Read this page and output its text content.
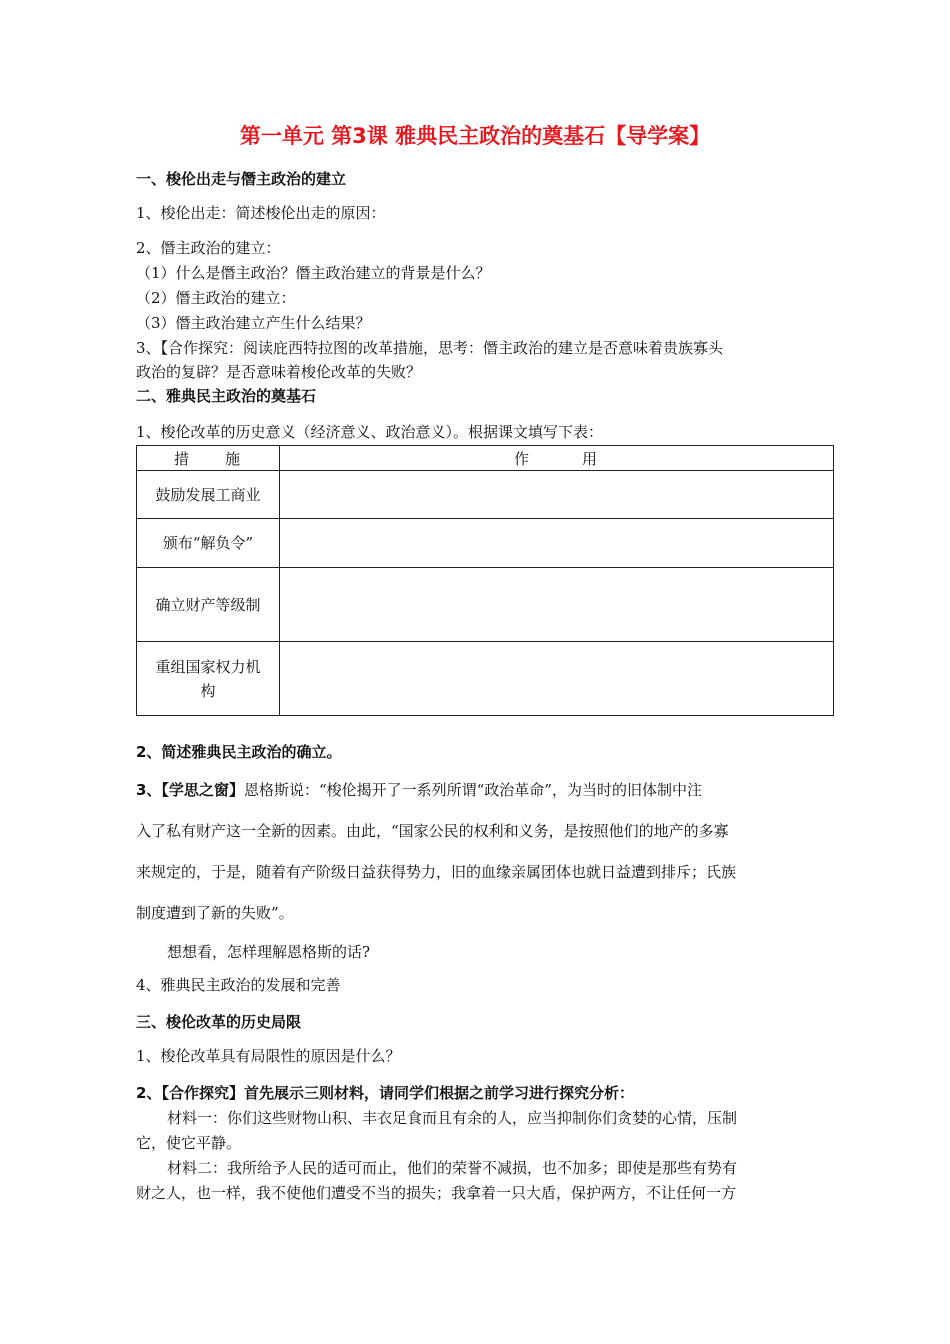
第一单元 第3课 雅典民主政治的奠基石【导学案】
一、梭伦出走与僭主政治的建立
1、梭伦出走：简述梭伦出走的原因：
2、僭主政治的建立：
（1）什么是僭主政治？僭主政治建立的背景是什么？
（2）僭主政治的建立：
（3）僭主政治建立产生什么结果？
3、【合作探究：阅读庇西特拉图的改革措施，思考：僭主政治的建立是否意味着贵族寡头
政治的复辟？是否意味着梭伦改革的失败？
二、雅典民主政治的奠基石
1、梭伦改革的历史意义（经济意义、政治意义）。根据课文填写下表：
措　　施	作　　　用
鼓励发展工商业	
颁布“解负令”	
确立财产等级制	

重组国家权力机
构	

2、简述雅典民主政治的确立。
3、【学思之窗】恩格斯说：“梭伦揭开了一系列所谓“政治革命”，为当时的旧体制中注
入了私有财产这一全新的因素。由此，“国家公民的权利和义务，是按照他们的地产的多寡
来规定的，于是，随着有产阶级日益获得势力，旧的血缘亲属团体也就日益遭到排斥；氏族
制度遭到了新的失败”。
想想看，怎样理解恩格斯的话?
4、雅典民主政治的发展和完善
三、梭伦改革的历史局限
1、梭伦改革具有局限性的原因是什么？
2、【合作探究】首先展示三则材料，请同学们根据之前学习进行探究分析：
材料一：你们这些财物山积、丰衣足食而且有余的人，应当抑制你们贪婪的心情，压制
它，使它平静。
材料二：我所给予人民的适可而止，他们的荣誉不减损，也不加多；即使是那些有势有
财之人，也一样，我不使他们遭受不当的损失；我拿着一只大盾，保护两方，不让任何一方
